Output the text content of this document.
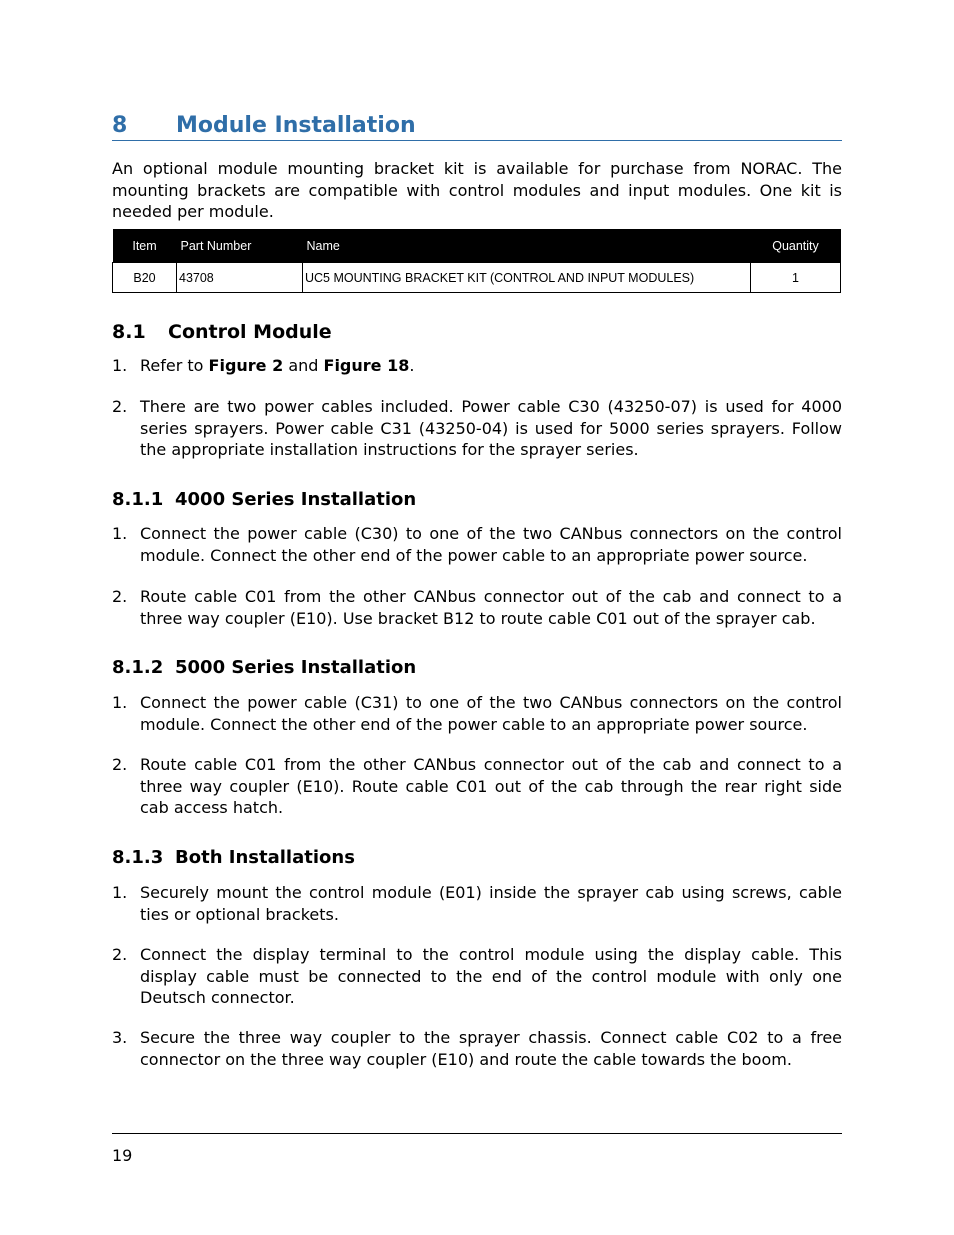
8 Module Installation

An optional module mounting bracket kit is available for purchase from NORAC. The mounting brackets are compatible with control modules and input modules. One kit is needed per module.

Item	Part Number	Name	Quantity
B20	43708	UC5 MOUNTING BRACKET KIT (CONTROL AND INPUT MODULES)	1
8.1 Control Module
1. Refer to Figure 2 and Figure 18.
2. There are two power cables included. Power cable C30 (43250-07) is used for 4000 series sprayers. Power cable C31 (43250-04) is used for 5000 series sprayers. Follow the appropriate installation instructions for the sprayer series.
8.1.1 4000 Series Installation
1. Connect the power cable (C30) to one of the two CANbus connectors on the control module. Connect the other end of the power cable to an appropriate power source.
2. Route cable C01 from the other CANbus connector out of the cab and connect to a three way coupler (E10). Use bracket B12 to route cable C01 out of the sprayer cab.
8.1.2 5000 Series Installation
1. Connect the power cable (C31) to one of the two CANbus connectors on the control module. Connect the other end of the power cable to an appropriate power source.
2. Route cable C01 from the other CANbus connector out of the cab and connect to a three way coupler (E10). Route cable C01 out of the cab through the rear right side cab access hatch.
8.1.3 Both Installations
1. Securely mount the control module (E01) inside the sprayer cab using screws, cable ties or optional brackets.
2. Connect the display terminal to the control module using the display cable. This display cable must be connected to the end of the control module with only one Deutsch connector.
3. Secure the three way coupler to the sprayer chassis. Connect cable C02 to a free connector on the three way coupler (E10) and route the cable towards the boom.
19
